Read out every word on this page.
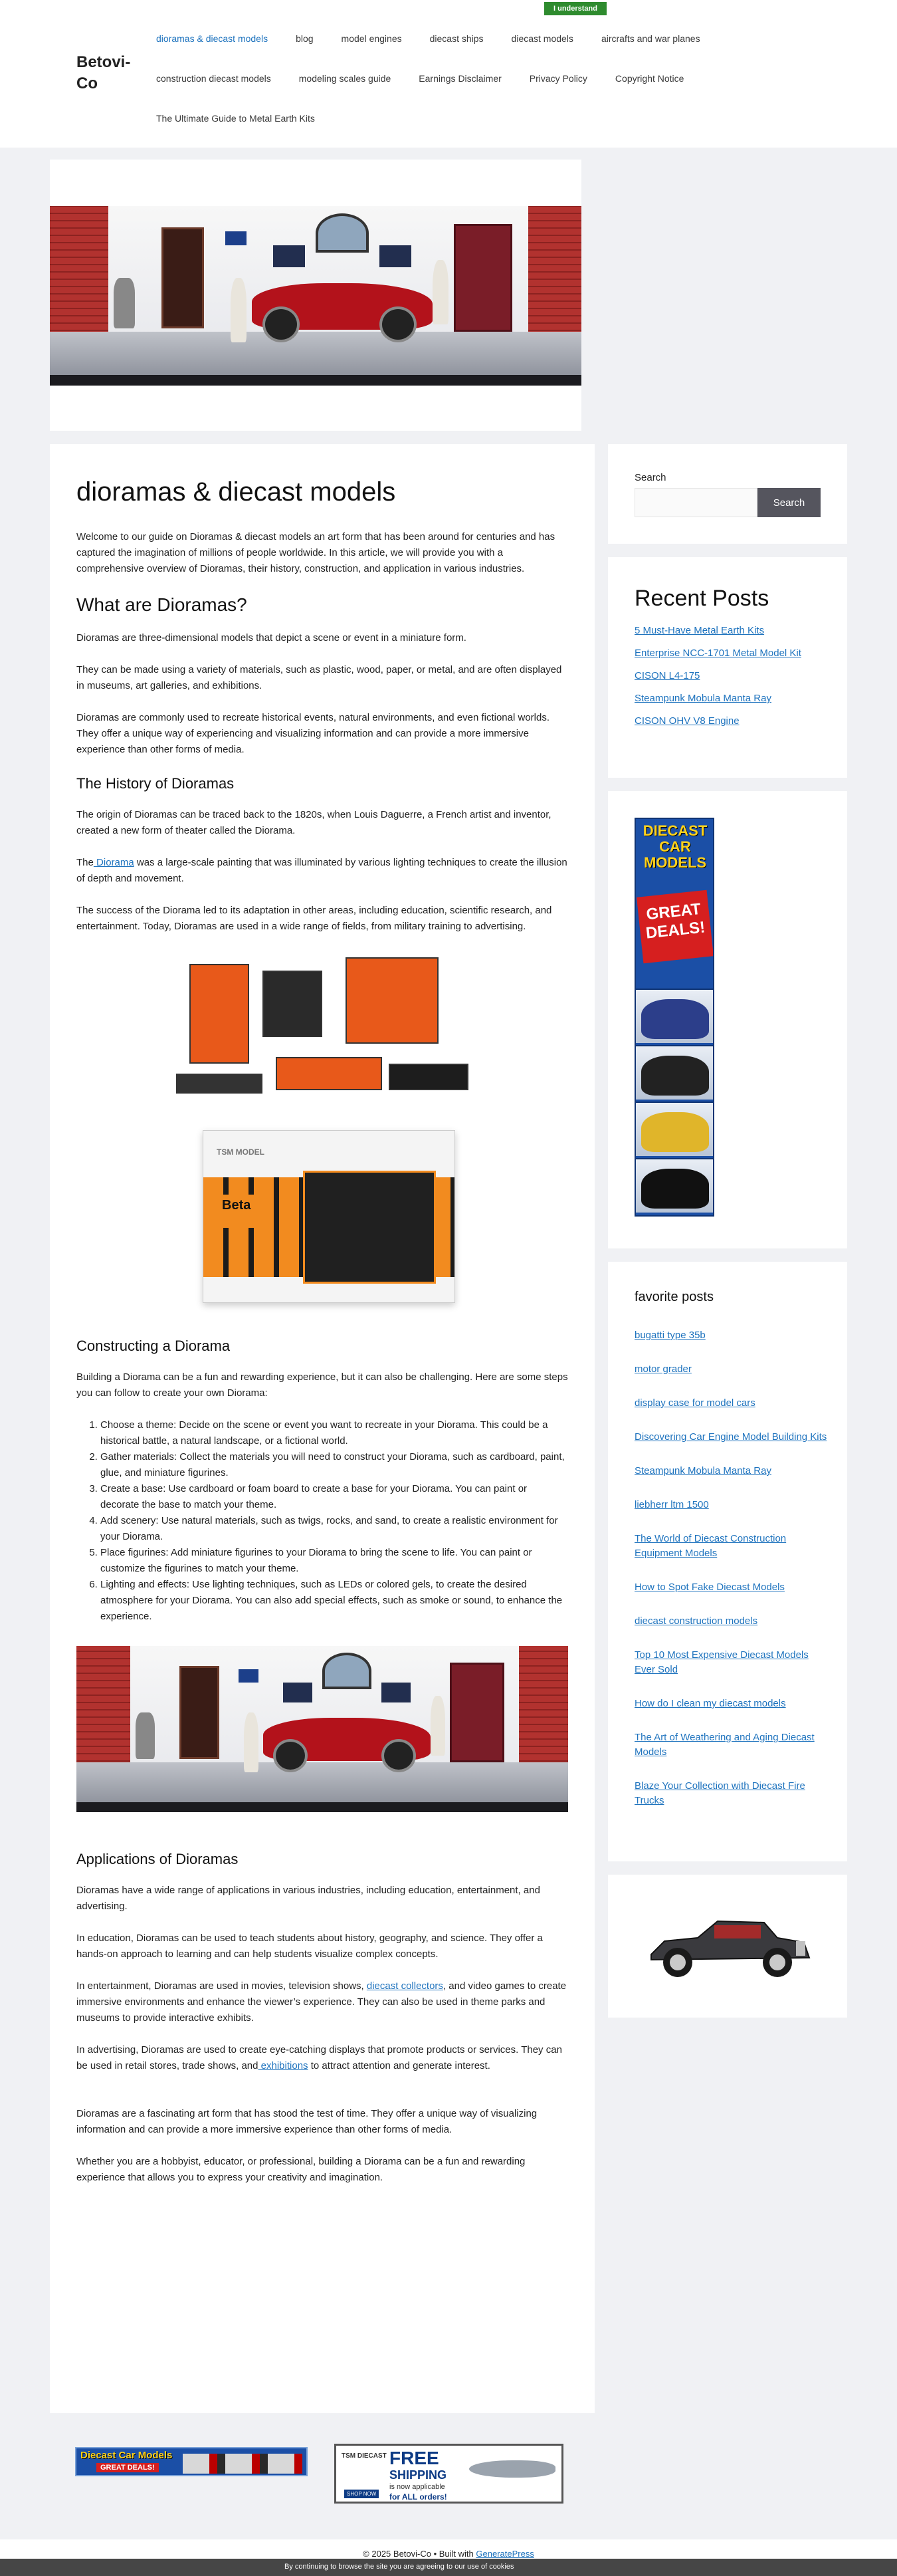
Betovi-Co
dioramas & diecast models	blog	model engines	diecast ships	diecast models	aircrafts and war planes
construction diecast models	modeling scales guide	Earnings Disclaimer	Privacy Policy	Copyright Notice
The Ultimate Guide to Metal Earth Kits
dioramas & diecast models

Welcome to our guide on Dioramas & diecast models an art form that has been around for centuries and has captured the imagination of millions of people worldwide. In this article, we will provide you with a comprehensive overview of Dioramas, their history, construction, and application in various industries.

What are Dioramas?

Dioramas are three-dimensional models that depict a scene or event in a miniature form.

They can be made using a variety of materials, such as plastic, wood, paper, or metal, and are often displayed in museums, art galleries, and exhibitions.

Dioramas are commonly used to recreate historical events, natural environments, and even fictional worlds. They offer a unique way of experiencing and visualizing information and can provide a more immersive experience than other forms of media.

The History of Dioramas

The origin of Dioramas can be traced back to the 1820s, when Louis Daguerre, a French artist and inventor, created a new form of theater called the Diorama.

The Diorama was a large-scale painting that was illuminated by various lighting techniques to create the illusion of depth and movement.

The success of the Diorama led to its adaptation in other areas, including education, scientific research, and entertainment. Today, Dioramas are used in a wide range of fields, from military training to advertising.

TSM MODEL
Beta
Constructing a Diorama

Building a Diorama can be a fun and rewarding experience, but it can also be challenging. Here are some steps you can follow to create your own Diorama:

1. Choose a theme: Decide on the scene or event you want to recreate in your Diorama. This could be a historical battle, a natural landscape, or a fictional world.
2. Gather materials: Collect the materials you will need to construct your Diorama, such as cardboard, paint, glue, and miniature figurines.
3. Create a base: Use cardboard or foam board to create a base for your Diorama. You can paint or decorate the base to match your theme.
4. Add scenery: Use natural materials, such as twigs, rocks, and sand, to create a realistic environment for your Diorama.
5. Place figurines: Add miniature figurines to your Diorama to bring the scene to life. You can paint or customize the figurines to match your theme.
6. Lighting and effects: Use lighting techniques, such as LEDs or colored gels, to create the desired atmosphere for your Diorama. You can also add special effects, such as smoke or sound, to enhance the experience.
Applications of Dioramas

Dioramas have a wide range of applications in various industries, including education, entertainment, and advertising.

In education, Dioramas can be used to teach students about history, geography, and science. They offer a hands-on approach to learning and can help students visualize complex concepts.

In entertainment, Dioramas are used in movies, television shows, diecast collectors, and video games to create immersive environments and enhance the viewer’s experience. They can also be used in theme parks and museums to provide interactive exhibits.

In advertising, Dioramas are used to create eye-catching displays that promote products or services. They can be used in retail stores, trade shows, and exhibitions to attract attention and generate interest.

Dioramas are a fascinating art form that has stood the test of time. They offer a unique way of visualizing information and can provide a more immersive experience than other forms of media.

Whether you are a hobbyist, educator, or professional, building a Diorama can be a fun and rewarding experience that allows you to express your creativity and imagination.

Search
Search
Recent Posts
5 Must-Have Metal Earth Kits
Enterprise NCC-1701 Metal Model Kit
CISON L4-175
Steampunk Mobula Manta Ray
CISON OHV V8 Engine
DIECAST CAR MODELS
GREAT DEALS!
favorite posts
bugatti type 35b
motor grader
display case for model cars
Discovering Car Engine Model Building Kits
Steampunk Mobula Manta Ray
liebherr ltm 1500
The World of Diecast Construction Equipment Models
How to Spot Fake Diecast Models
diecast construction models
Top 10 Most Expensive Diecast Models Ever Sold
How do I clean my diecast models
The Art of Weathering and Aging Diecast Models
Blaze Your Collection with Diecast Fire Trucks
Diecast Car Models
GREAT DEALS!
TSM DIECAST FREE
SHIPPING
is now applicable
for ALL orders!
SHOP NOW
© 2025 Betovi-Co • Built with GeneratePress
By continuing to browse the site you are agreeing to our use of cookies
I understand
